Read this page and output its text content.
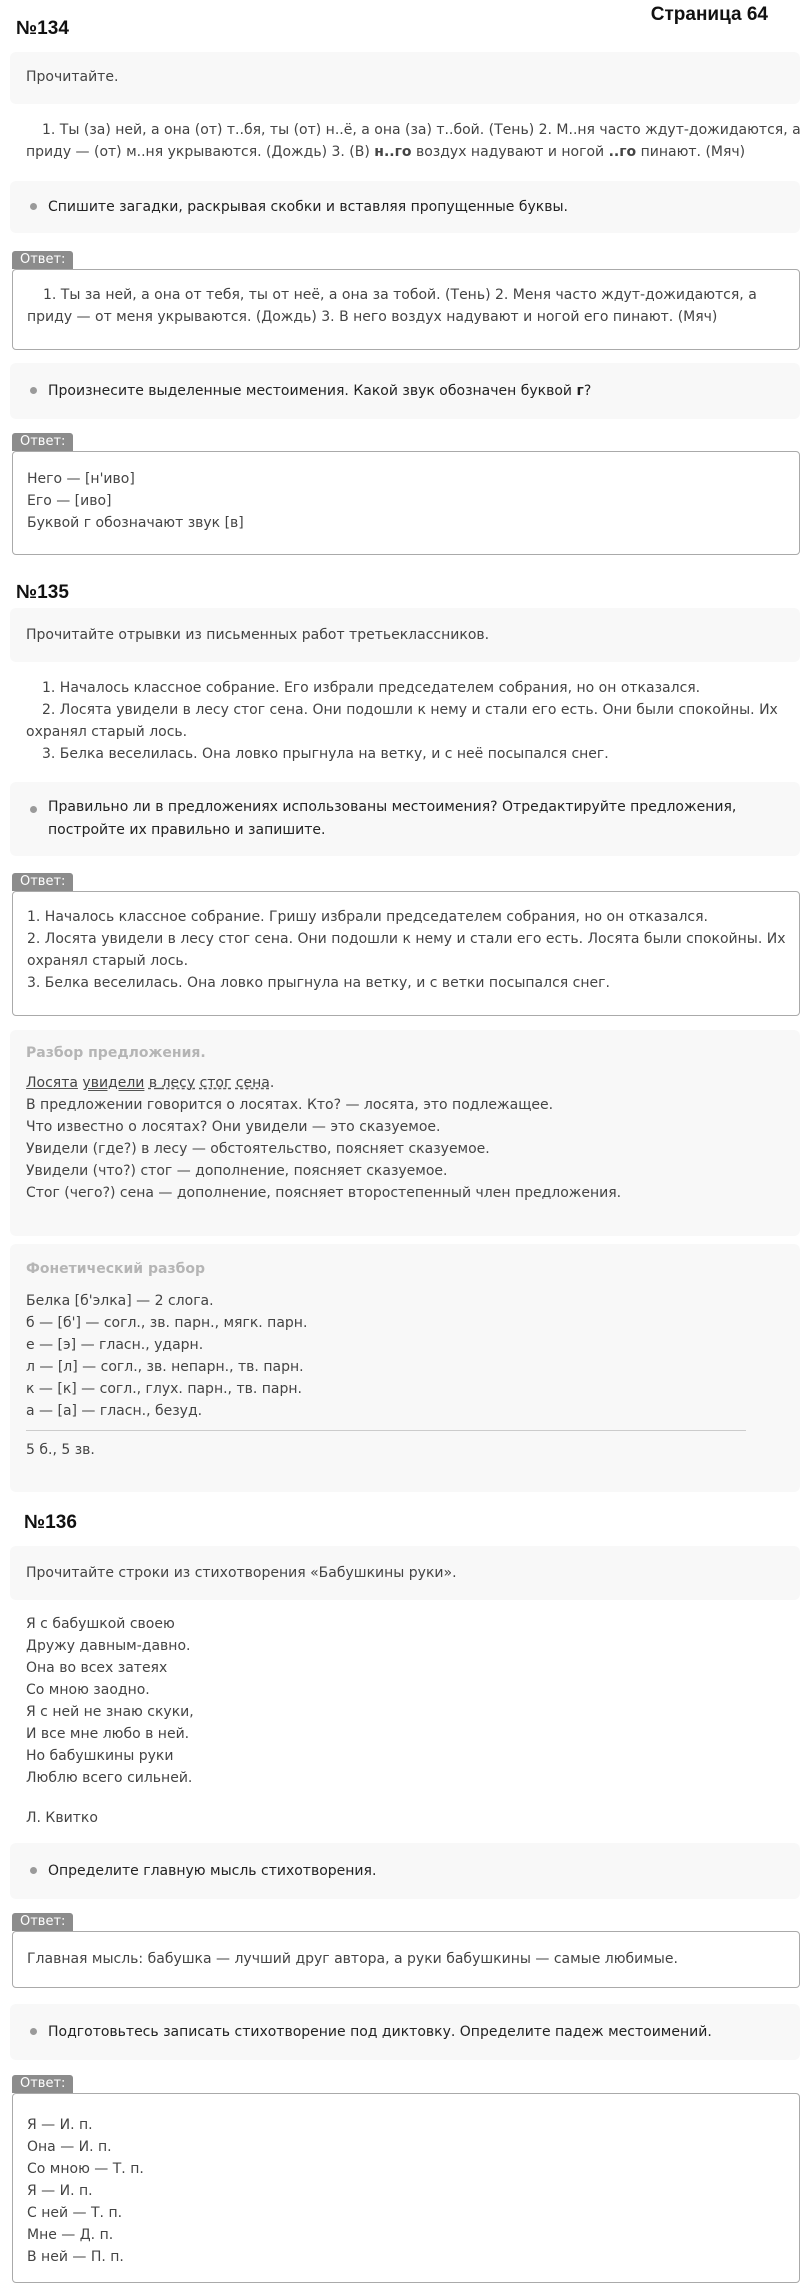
Страница 64
№134
Прочитайте.
1. Ты (за) ней, а она (от) т..бя, ты (от) н..ё, а она (за) т..бой. (Тень) 2. М..ня часто ждут-дожидаются, а
приду — (от) м..ня укрываются. (Дождь) 3. (В) н..го воздух надувают и ногой ..го пинают. (Мяч)
Спишите загадки, раскрывая скобки и вставляя пропущенные буквы.
Ответ:
1. Ты за ней, а она от тебя, ты от неё, а она за тобой. (Тень) 2. Меня часто ждут-дожидаются, а
приду — от меня укрываются. (Дождь) 3. В него воздух надувают и ногой его пинают. (Мяч)
Произнесите выделенные местоимения. Какой звук обозначен буквой г?
Ответ:
Него — [н'иво]
Его — [иво]
Буквой г обозначают звук [в]
№135
Прочитайте отрывки из письменных работ третьеклассников.
1. Началось классное собрание. Его избрали председателем собрания, но он отказался.
2. Лосята увидели в лесу стог сена. Они подошли к нему и стали его есть. Они были спокойны. Их
охранял старый лось.
3. Белка веселилась. Она ловко прыгнула на ветку, и с неё посыпался снег.
Правильно ли в предложениях использованы местоимения? Отредактируйте предложения,
постройте их правильно и запишите.
Ответ:
1. Началось классное собрание. Гришу избрали председателем собрания, но он отказался.
2. Лосята увидели в лесу стог сена. Они подошли к нему и стали его есть. Лосята были спокойны. Их
охранял старый лось.
3. Белка веселилась. Она ловко прыгнула на ветку, и с ветки посыпался снег.
Разбор предложения.
Лосята увидели в лесу стог сена.
В предложении говорится о лосятах. Кто? — лосята, это подлежащее.
Что известно о лосятах? Они увидели — это сказуемое.
Увидели (где?) в лесу — обстоятельство, поясняет сказуемое.
Увидели (что?) стог — дополнение, поясняет сказуемое.
Стог (чего?) сена — дополнение, поясняет второстепенный член предложения.
Фонетический разбор
Белка [б'элка] — 2 слога.
б — [б'] — согл., зв. парн., мягк. парн.
е — [э] — гласн., ударн.
л — [л] — согл., зв. непарн., тв. парн.
к — [к] — согл., глух. парн., тв. парн.
а — [а] — гласн., безуд.
5 б., 5 зв.
№136
Прочитайте строки из стихотворения «Бабушкины руки».
Я с бабушкой своею
Дружу давным-давно.
Она во всех затеях
Со мною заодно.
Я с ней не знаю скуки,
И все мне любо в ней.
Но бабушкины руки
Люблю всего сильней.
Л. Квитко
Определите главную мысль стихотворения.
Ответ:
Главная мысль: бабушка — лучший друг автора, а руки бабушкины — самые любимые.
Подготовьтесь записать стихотворение под диктовку. Определите падеж местоимений.
Ответ:
Я — И. п.
Она — И. п.
Со мною — Т. п.
Я — И. п.
С ней — Т. п.
Мне — Д. п.
В ней — П. п.
